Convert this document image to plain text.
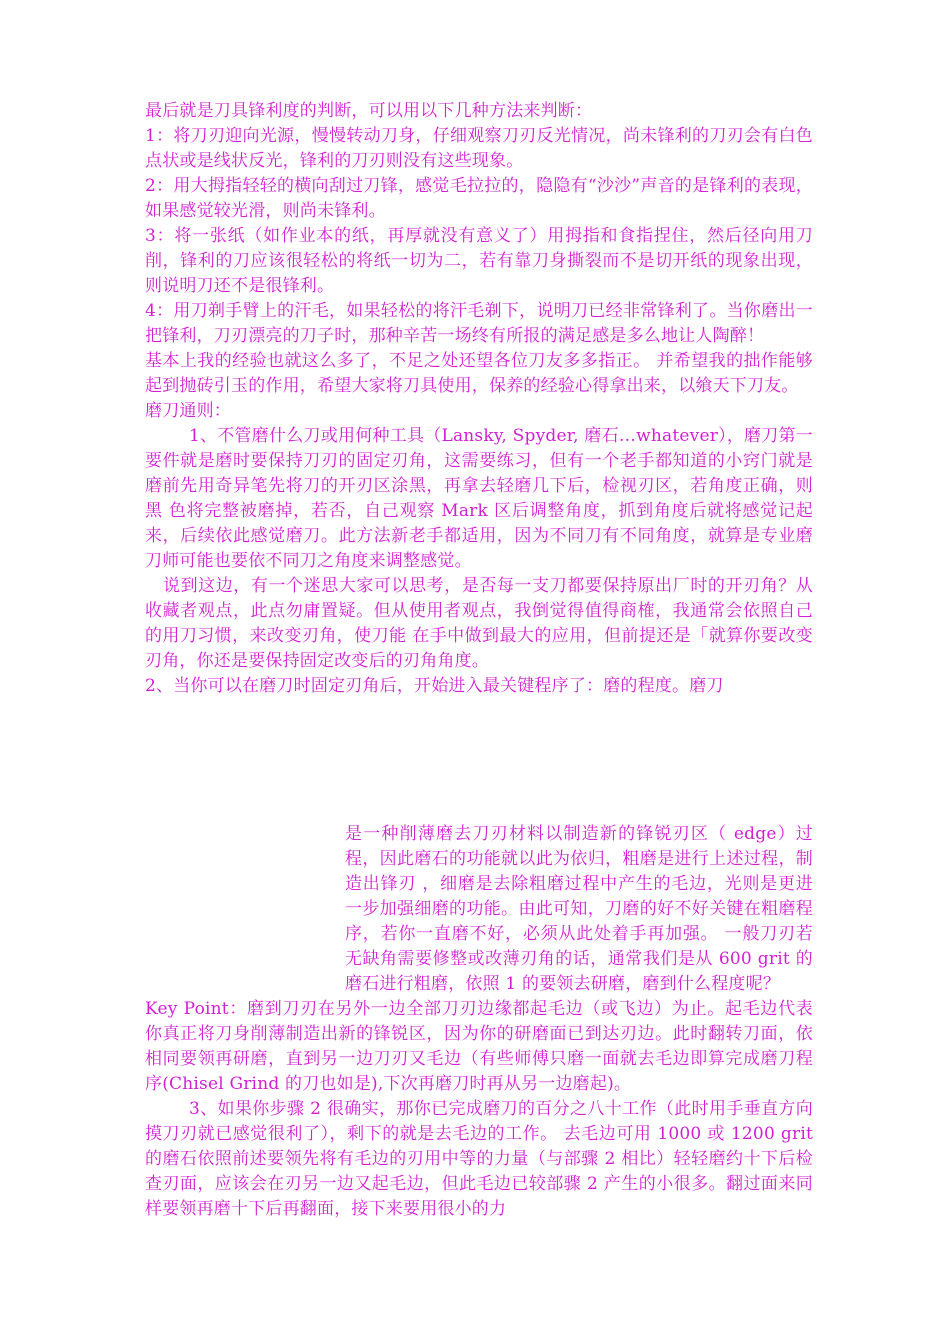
最后就是刀具锋利度的判断，可以用以下几种方法来判断：

1：将刀刃迎向光源，慢慢转动刀身，仔细观察刀刃反光情况，尚未锋利的刀刃会有白色点状或是线状反光，锋利的刀刃则没有这些现象。

2：用大拇指轻轻的横向刮过刀锋，感觉毛拉拉的，隐隐有“沙沙”声音的是锋利的表现，如果感觉较光滑，则尚未锋利。

3：将一张纸（如作业本的纸，再厚就没有意义了）用拇指和食指捏住，然后径向用刀削，锋利的刀应该很轻松的将纸一切为二，若有靠刀身撕裂而不是切开纸的现象出现，则说明刀还不是很锋利。

4：用刀剃手臂上的汗毛，如果轻松的将汗毛剃下，说明刀已经非常锋利了。当你磨出一把锋利，刀刃漂亮的刀子时，那种辛苦一场终有所报的满足感是多么地让人陶醉！

基本上我的经验也就这么多了，不足之处还望各位刀友多多指正。 并希望我的拙作能够起到抛砖引玉的作用，希望大家将刀具使用，保养的经验心得拿出来，以飨天下刀友。

磨刀通则：

1、不管磨什么刀或用何种工具（Lansky, Spyder, 磨石…whatever），磨刀第一要件就是磨时要保持刀刃的固定刃角，这需要练习，但有一个老手都知道的小窍门就是磨前先用奇异笔先将刀的开刃区涂黑，再拿去轻磨几下后，检视刃区，若角度正确，则黑 色将完整被磨掉，若否，自己观察 Mark 区后调整角度，抓到角度后就将感觉记起来，后续依此感觉磨刀。此方法新老手都适用，因为不同刀有不同角度，就算是专业磨刀师可能也要依不同刀之角度来调整感觉。

说到这边，有一个迷思大家可以思考，是否每一支刀都要保持原出厂时的开刃角？从收藏者观点，此点勿庸置疑。但从使用者观点，我倒觉得值得商榷，我通常会依照自己的用刀习惯，来改变刃角，使刀能 在手中做到最大的应用，但前提还是「就算你要改变刃角，你还是要保持固定改变后的刃角角度。

2、当你可以在磨刀时固定刃角后，开始进入最关键程序了：磨的程度。磨刀

是一种削薄磨去刀刃材料以制造新的锋锐刃区（ edge）过程，因此磨石的功能就以此为依归，粗磨是进行上述过程，制造出锋刃 ，细磨是去除粗磨过程中产生的毛边，光则是更进一步加强细磨的功能。由此可知，刀磨的好不好关键在粗磨程序，若你一直磨不好，必须从此处着手再加强。 一般刀刃若无缺角需要修整或改薄刃角的话，通常我们是从 600 grit 的磨石进行粗磨，依照 1 的要领去研磨，磨到什么程度呢？

Key Point：磨到刀刃在另外一边全部刀刃边缘都起毛边（或飞边）为止。起毛边代表你真正将刀身削薄制造出新的锋锐区，因为你的研磨面已到达刃边。此时翻转刀面，依相同要领再研磨，直到另一边刀刃又毛边（有些师傅只磨一面就去毛边即算完成磨刀程序(Chisel Grind 的刀也如是),下次再磨刀时再从另一边磨起)。

3、如果你步骤 2 很确实，那你已完成磨刀的百分之八十工作（此时用手垂直方向摸刀刃就已感觉很利了），剩下的就是去毛边的工作。 去毛边可用 1000 或 1200 grit 的磨石依照前述要领先将有毛边的刃用中等的力量（与部骤 2 相比）轻轻磨约十下后检查刃面，应该会在刃另一边又起毛边，但此毛边已较部骤 2 产生的小很多。翻过面来同样要领再磨十下后再翻面，接下来要用很小的力
